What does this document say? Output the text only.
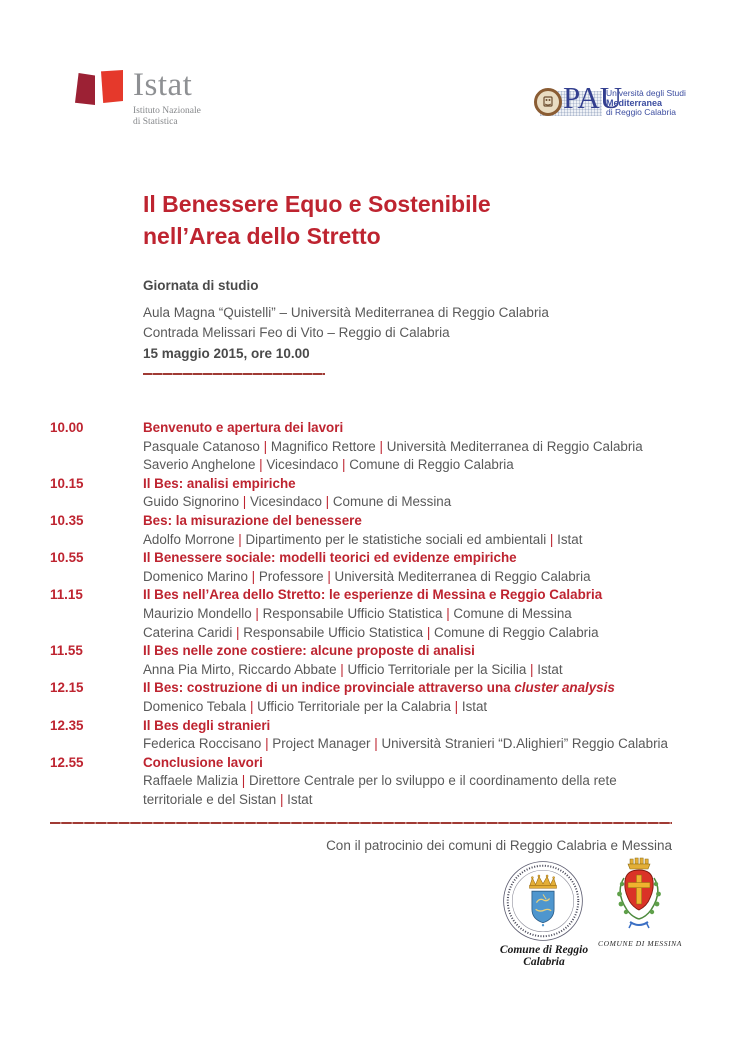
Istat
Istituto Nazionale
di Statistica
PAU
Università degli Studi
Mediterranea
di Reggio Calabria
Il Benessere Equo e Sostenibile
nell’Area dello Stretto
Giornata di studio
Aula Magna “Quistelli” – Università Mediterranea di Reggio Calabria
Contrada Melissari Feo di Vito – Reggio di Calabria
15 maggio 2015, ore 10.00
10.00	Benvenuto e apertura dei lavori
Pasquale Catanoso | Magnifico Rettore | Università Mediterranea di Reggio Calabria
Saverio Anghelone | Vicesindaco | Comune di Reggio Calabria
10.15	Il Bes: analisi empiriche
Guido Signorino | Vicesindaco | Comune di Messina
10.35	Bes: la misurazione del benessere
Adolfo Morrone | Dipartimento per le statistiche sociali ed ambientali | Istat
10.55	Il Benessere sociale: modelli teorici ed evidenze empiriche
Domenico Marino | Professore | Università Mediterranea di Reggio Calabria
11.15	Il Bes nell’Area dello Stretto: le esperienze di Messina e Reggio Calabria
Maurizio Mondello | Responsabile Ufficio Statistica | Comune di Messina
Caterina Caridi | Responsabile Ufficio Statistica | Comune di Reggio Calabria
11.55	Il Bes nelle zone costiere: alcune proposte di analisi
Anna Pia Mirto, Riccardo Abbate | Ufficio Territoriale per la Sicilia | Istat
12.15	Il Bes: costruzione di un indice provinciale attraverso una cluster analysis
Domenico Tebala | Ufficio Territoriale per la Calabria | Istat
12.35	Il Bes degli stranieri
Federica Roccisano | Project Manager | Università Stranieri “D.Alighieri” Reggio Calabria
12.55	Conclusione lavori
Raffaele Malizia | Direttore Centrale per lo sviluppo e il coordinamento della rete territoriale e del Sistan | Istat
Con il patrocinio dei comuni di Reggio Calabria e Messina
Comune di Reggio Calabria
COMUNE DI MESSINA
